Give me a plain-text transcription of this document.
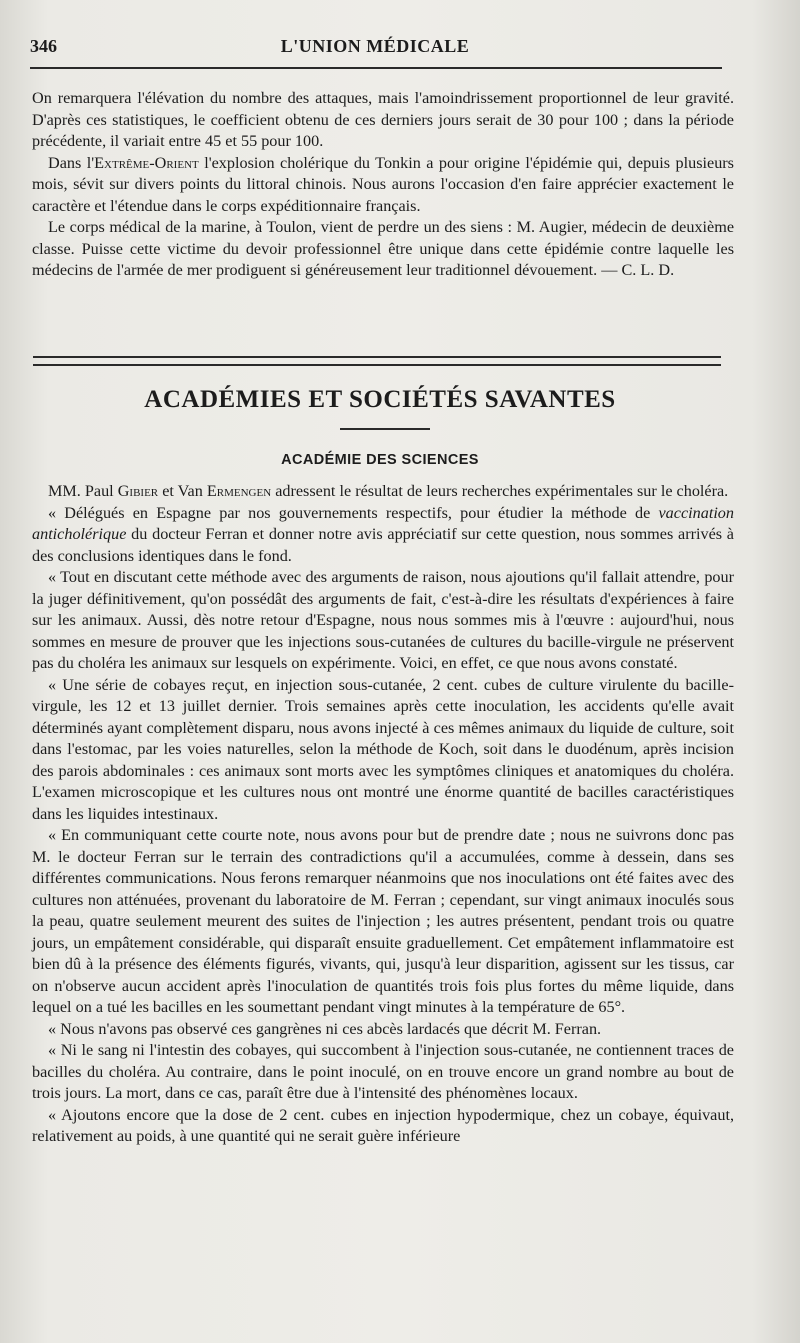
346	L'UNION MÉDICALE

On remarquera l'élévation du nombre des attaques, mais l'amoindrissement proportionnel de leur gravité. D'après ces statistiques, le coefficient obtenu de ces derniers jours serait de 30 pour 100 ; dans la période précédente, il variait entre 45 et 55 pour 100.

Dans l'Extrême-Orient l'explosion cholérique du Tonkin a pour origine l'épidémie qui, depuis plusieurs mois, sévit sur divers points du littoral chinois. Nous aurons l'occasion d'en faire apprécier exactement le caractère et l'étendue dans le corps expéditionnaire français.

Le corps médical de la marine, à Toulon, vient de perdre un des siens : M. Augier, médecin de deuxième classe. Puisse cette victime du devoir professionnel être unique dans cette épidémie contre laquelle les médecins de l'armée de mer prodiguent si généreusement leur traditionnel dévouement. — C. L. D.

ACADÉMIES ET SOCIÉTÉS SAVANTES
ACADÉMIE DES SCIENCES

MM. Paul Gibier et Van Ermengen adressent le résultat de leurs recherches expérimentales sur le choléra.

« Délégués en Espagne par nos gouvernements respectifs, pour étudier la méthode de vaccination anticholérique du docteur Ferran et donner notre avis appréciatif sur cette question, nous sommes arrivés à des conclusions identiques dans le fond.

« Tout en discutant cette méthode avec des arguments de raison, nous ajoutions qu'il fallait attendre, pour la juger définitivement, qu'on possédât des arguments de fait, c'est-à-dire les résultats d'expériences à faire sur les animaux. Aussi, dès notre retour d'Espagne, nous nous sommes mis à l'œuvre : aujourd'hui, nous sommes en mesure de prouver que les injections sous-cutanées de cultures du bacille-virgule ne préservent pas du choléra les animaux sur lesquels on expérimente. Voici, en effet, ce que nous avons constaté.

« Une série de cobayes reçut, en injection sous-cutanée, 2 cent. cubes de culture virulente du bacille-virgule, les 12 et 13 juillet dernier. Trois semaines après cette inoculation, les accidents qu'elle avait déterminés ayant complètement disparu, nous avons injecté à ces mêmes animaux du liquide de culture, soit dans l'estomac, par les voies naturelles, selon la méthode de Koch, soit dans le duodénum, après incision des parois abdominales : ces animaux sont morts avec les symptômes cliniques et anatomiques du choléra. L'examen microscopique et les cultures nous ont montré une énorme quantité de bacilles caractéristiques dans les liquides intestinaux.

« En communiquant cette courte note, nous avons pour but de prendre date ; nous ne suivrons donc pas M. le docteur Ferran sur le terrain des contradictions qu'il a accumulées, comme à dessein, dans ses différentes communications. Nous ferons remarquer néanmoins que nos inoculations ont été faites avec des cultures non atténuées, provenant du laboratoire de M. Ferran ; cependant, sur vingt animaux inoculés sous la peau, quatre seulement meurent des suites de l'injection ; les autres présentent, pendant trois ou quatre jours, un empâtement considérable, qui disparaît ensuite graduellement. Cet empâtement inflammatoire est bien dû à la présence des éléments figurés, vivants, qui, jusqu'à leur disparition, agissent sur les tissus, car on n'observe aucun accident après l'inoculation de quantités trois fois plus fortes du même liquide, dans lequel on a tué les bacilles en les soumettant pendant vingt minutes à la température de 65°.

« Nous n'avons pas observé ces gangrènes ni ces abcès lardacés que décrit M. Ferran.

« Ni le sang ni l'intestin des cobayes, qui succombent à l'injection sous-cutanée, ne contiennent traces de bacilles du choléra. Au contraire, dans le point inoculé, on en trouve encore un grand nombre au bout de trois jours. La mort, dans ce cas, paraît être due à l'intensité des phénomènes locaux.

« Ajoutons encore que la dose de 2 cent. cubes en injection hypodermique, chez un cobaye, équivaut, relativement au poids, à une quantité qui ne serait guère inférieure
